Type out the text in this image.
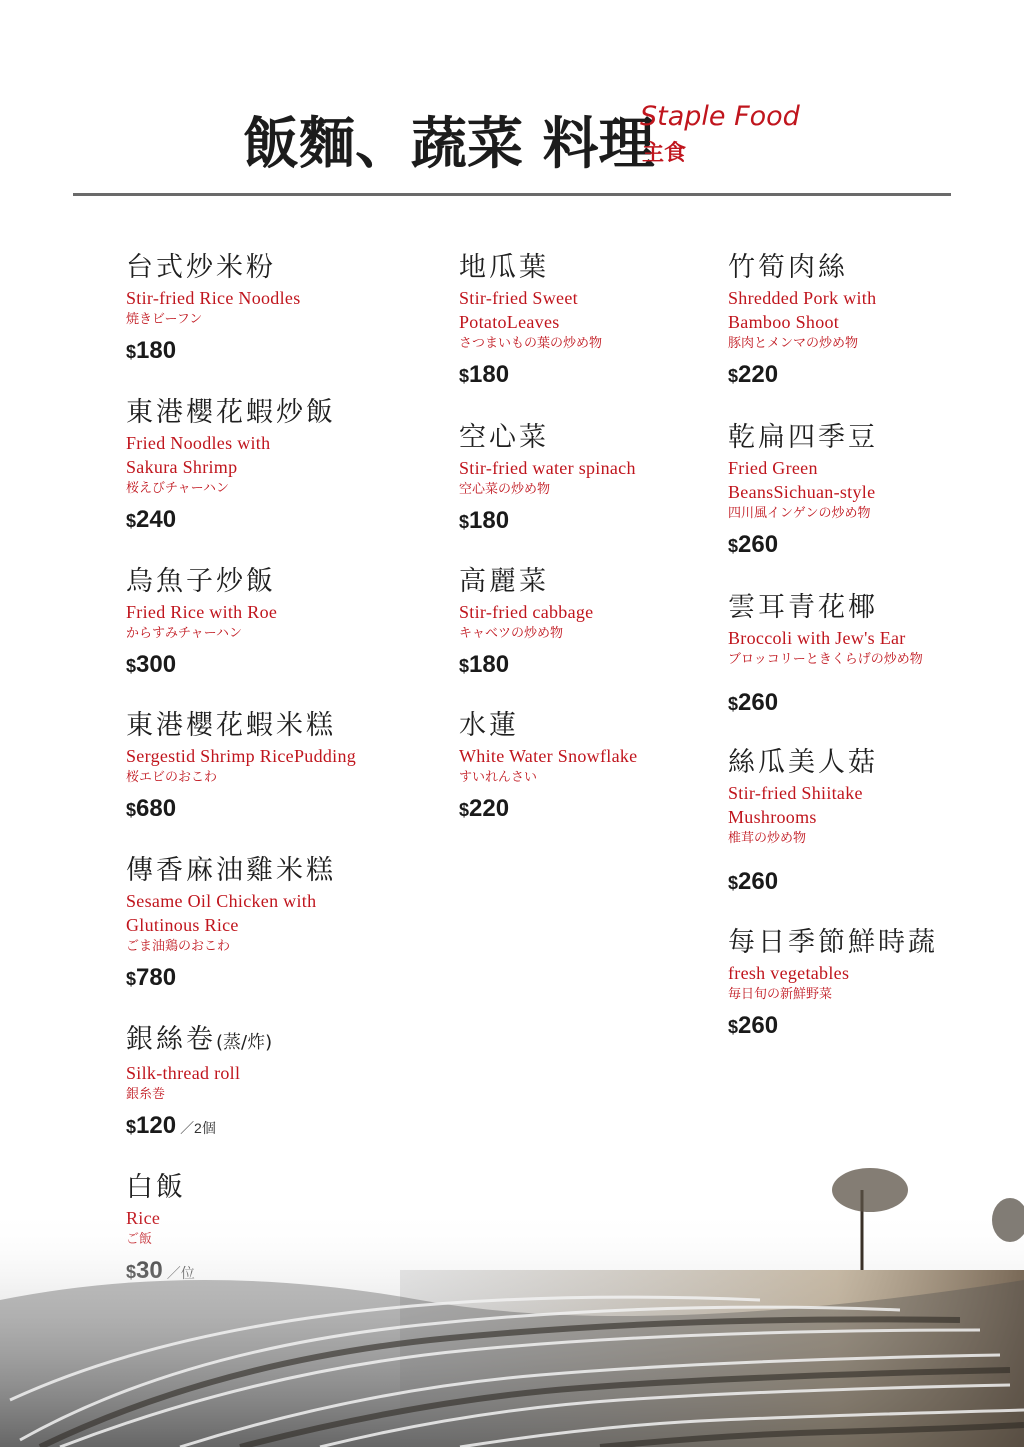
飯麵、蔬菜 料理
Staple Food
主食
台式炒米粉
Stir-fried Rice Noodles
焼きビーフン
$180
東港櫻花蝦炒飯
Fried Noodles with Sakura Shrimp
桜えびチャーハン
$240
烏魚子炒飯
Fried Rice with Roe
からすみチャーハン
$300
東港櫻花蝦米糕
Sergestid Shrimp RicePudding
桜エビのおこわ
$680
傳香麻油雞米糕
Sesame Oil Chicken with Glutinous Rice
ごま油鶏のおこわ
$780
銀絲卷(蒸/炸)
Silk-thread roll
銀糸巻
$120 ／2個
白飯
地瓜葉
Stir-fried Sweet PotatoLeaves
さつまいもの葉の炒め物
$180
空心菜
Stir-fried water spinach
空心菜の炒め物
$180
高麗菜
Stir-fried cabbage
キャベツの炒め物
$180
水蓮
White Water Snowflake
すいれんさい
$220
竹筍肉絲
Shredded Pork with Bamboo Shoot
豚肉とメンマの炒め物
$220
乾扁四季豆
Fried Green BeansSichuan-style
四川風インゲンの炒め物
$260
雲耳青花椰
Broccoli with Jew's Ear
ブロッコリーときくらげの炒め物
$260
絲瓜美人菇
Stir-fried Shiitake Mushrooms
椎茸の炒め物
$260
每日季節鮮時蔬
fresh vegetables
毎日旬の新鮮野菜
$260
